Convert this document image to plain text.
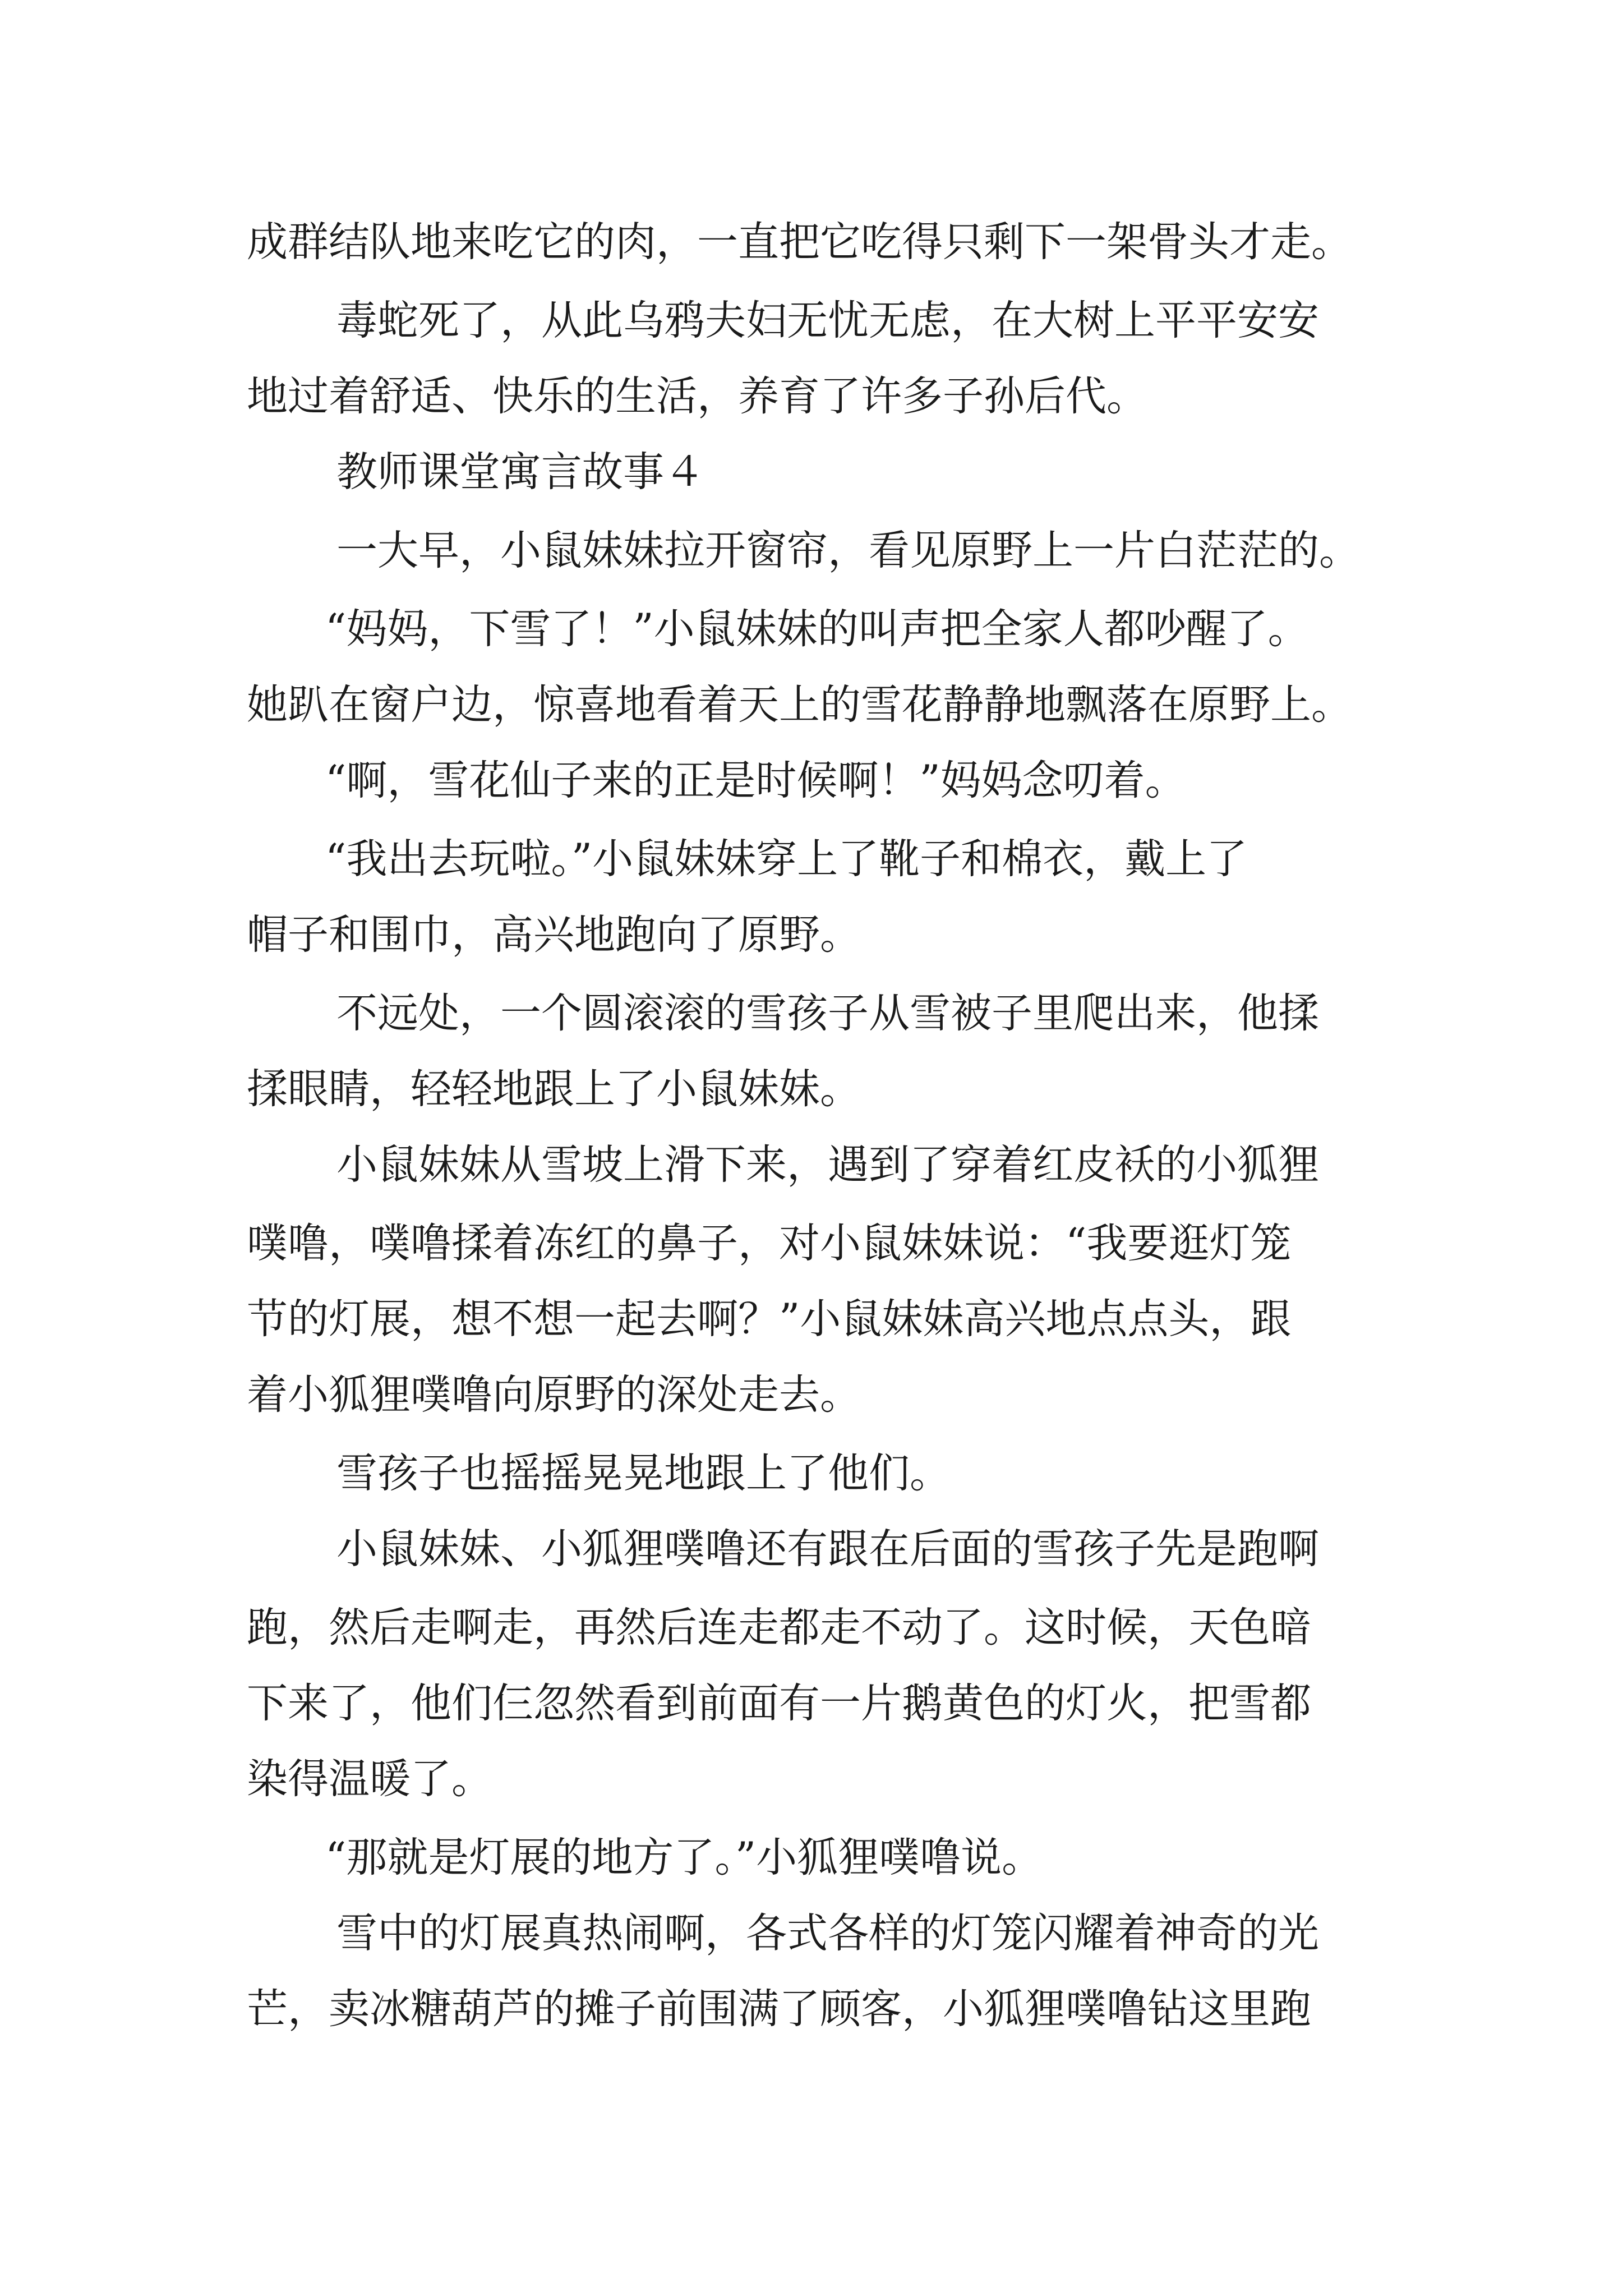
成群结队地来吃它的肉，一直把它吃得只剩下一架骨头才走。
毒蛇死了，从此乌鸦夫妇无忧无虑，在大树上平平安安
地过着舒适、快乐的生活，养育了许多子孙后代。
教师课堂寓言故事４
一大早，小鼠妹妹拉开窗帘，看见原野上一片白茫茫的。
“妈妈，下雪了！”小鼠妹妹的叫声把全家人都吵醒了。
她趴在窗户边，惊喜地看着天上的雪花静静地飘落在原野上。
“啊，雪花仙子来的正是时候啊！”妈妈念叨着。
“我出去玩啦。”小鼠妹妹穿上了靴子和棉衣，戴上了
帽子和围巾，高兴地跑向了原野。
不远处，一个圆滚滚的雪孩子从雪被子里爬出来，他揉
揉眼睛，轻轻地跟上了小鼠妹妹。
小鼠妹妹从雪坡上滑下来，遇到了穿着红皮袄的小狐狸
噗噜，噗噜揉着冻红的鼻子，对小鼠妹妹说：“我要逛灯笼
节的灯展，想不想一起去啊？”小鼠妹妹高兴地点点头，跟
着小狐狸噗噜向原野的深处走去。
雪孩子也摇摇晃晃地跟上了他们。
小鼠妹妹、小狐狸噗噜还有跟在后面的雪孩子先是跑啊
跑，然后走啊走，再然后连走都走不动了。这时候，天色暗
下来了，他们仨忽然看到前面有一片鹅黄色的灯火，把雪都
染得温暖了。
“那就是灯展的地方了。”小狐狸噗噜说。
雪中的灯展真热闹啊，各式各样的灯笼闪耀着神奇的光
芒，卖冰糖葫芦的摊子前围满了顾客，小狐狸噗噜钻这里跑
